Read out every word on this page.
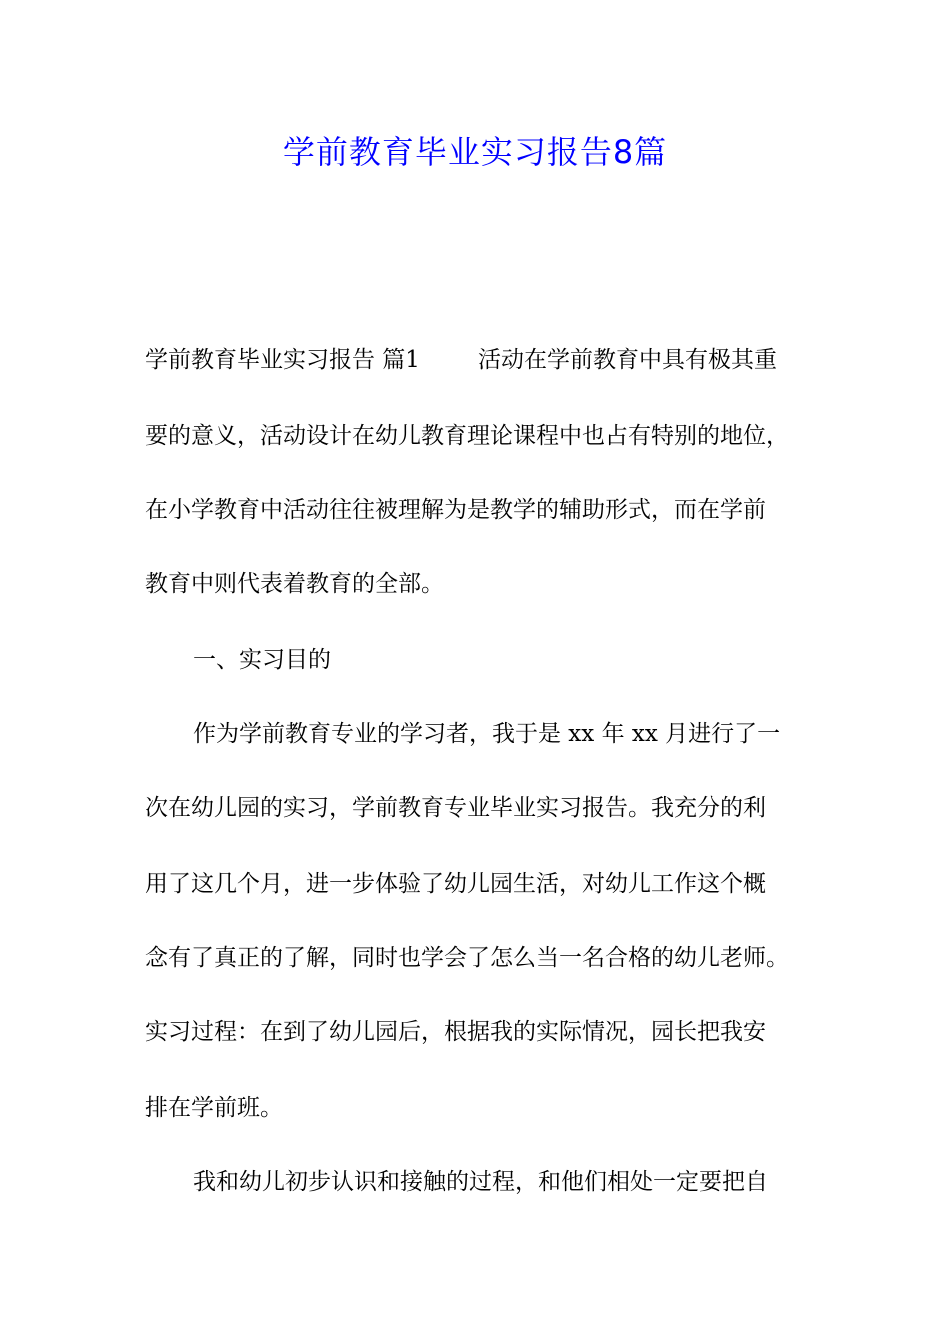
学前教育毕业实习报告8篇
学前教育毕业实习报告 篇1	活动在学前教育中具有极其重
要的意义，活动设计在幼儿教育理论课程中也占有特别的地位，
在小学教育中活动往往被理解为是教学的辅助形式，而在学前
教育中则代表着教育的全部。
一、实习目的
作为学前教育专业的学习者，我于是 xx 年 xx 月进行了一
次在幼儿园的实习，学前教育专业毕业实习报告。我充分的利
用了这几个月，进一步体验了幼儿园生活，对幼儿工作这个概
念有了真正的了解，同时也学会了怎么当一名合格的幼儿老师。
实习过程：在到了幼儿园后，根据我的实际情况，园长把我安
排在学前班。
我和幼儿初步认识和接触的过程，和他们相处一定要把自
